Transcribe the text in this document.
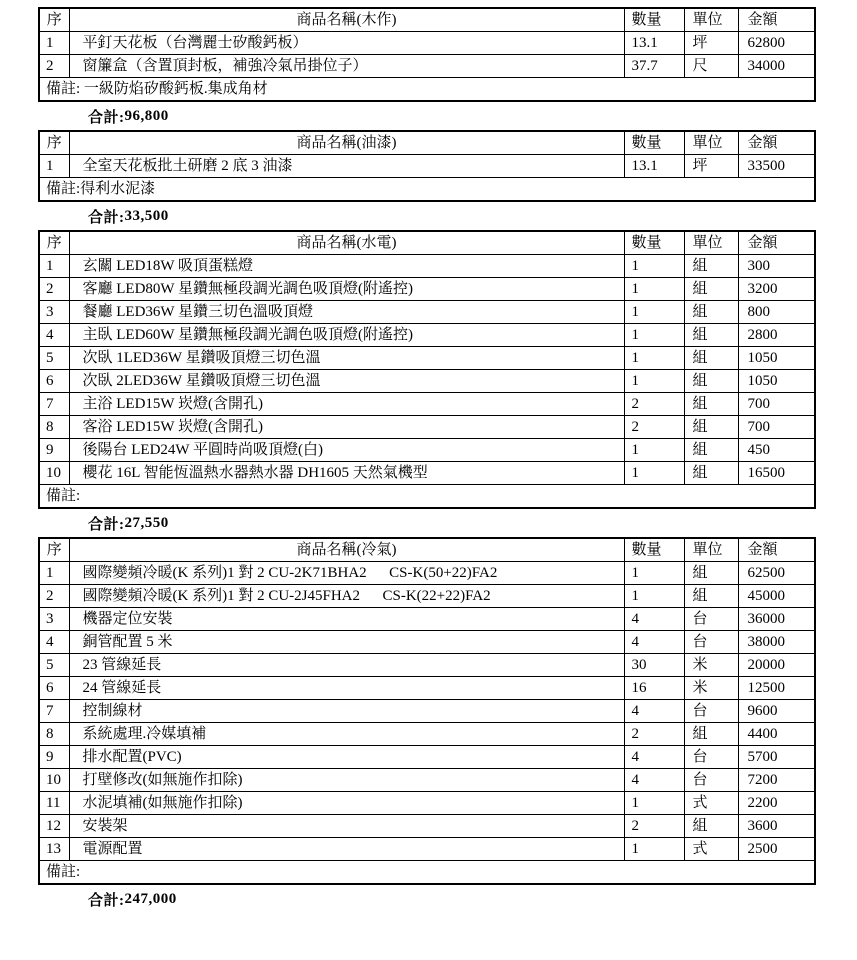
序	商品名稱(木作)	數量	單位	金額
1	平釘天花板（台灣麗士矽酸鈣板）	13.1	坪	62800
2	窗簾盒（含置頂封板，補強冷氣吊掛位子）	37.7	尺	34000
備註: 一級防焰矽酸鈣板.集成角材				
合計: 96,800
序	商品名稱(油漆)	數量	單位	金額
1	全室天花板批土研磨 2 底 3 油漆	13.1	坪	33500
備註:得利水泥漆				
合計: 33,500
序	商品名稱(水電)	數量	單位	金額
1	玄關 LED18W 吸頂蛋糕燈	1	組	300
2	客廳 LED80W 星鑽無極段調光調色吸頂燈(附遙控)	1	組	3200
3	餐廳 LED36W 星鑽三切色溫吸頂燈	1	組	800
4	主臥 LED60W 星鑽無極段調光調色吸頂燈(附遙控)	1	組	2800
5	次臥 1LED36W 星鑽吸頂燈三切色溫	1	組	1050
6	次臥 2LED36W 星鑽吸頂燈三切色溫	1	組	1050
7	主浴 LED15W 崁燈(含開孔)	2	組	700
8	客浴 LED15W 崁燈(含開孔)	2	組	700
9	後陽台 LED24W 平圓時尚吸頂燈(白)	1	組	450
10	櫻花 16L 智能恆溫熱水器熱水器 DH1605 天然氣機型	1	組	16500
備註:				
合計: 27,550
序	商品名稱(冷氣)	數量	單位	金額
1	國際變頻冷暖(K 系列)1 對 2 CU-2K71BHA2      CS-K(50+22)FA2	1	組	62500
2	國際變頻冷暖(K 系列)1 對 2 CU-2J45FHA2      CS-K(22+22)FA2	1	組	45000
3	機器定位安裝	4	台	36000
4	銅管配置 5 米	4	台	38000
5	23 管線延長	30	米	20000
6	24 管線延長	16	米	12500
7	控制線材	4	台	9600
8	系統處理.冷媒填補	2	組	4400
9	排水配置(PVC)	4	台	5700
10	打壁修改(如無施作扣除)	4	台	7200
11	水泥填補(如無施作扣除)	1	式	2200
12	安裝架	2	組	3600
13	電源配置	1	式	2500
備註:				
合計: 247,000
